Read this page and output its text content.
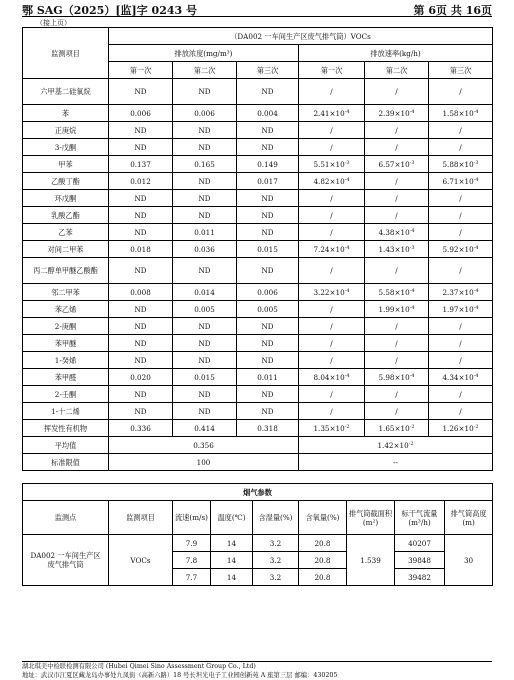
鄂 SAG（2025）[监]字 0243 号	第 6页 共 16页
（接上页）
监测项目	（DA002 一车间生产区废气排气筒）VOCs					
	排放浓度(mg/m³)			排放速率(kg/h)		
	第一次	第二次	第三次	第一次	第二次	第三次
六甲基二硅氧烷	ND	ND	ND	/	/	/
苯	0.006	0.006	0.004	$2.41\times 10^{-4}$	$2.39\times 10^{-4}$	$1.58\times 10^{-4}$
正庚烷	ND	ND	ND	/	/	/
3-戊酮	ND	ND	ND	/	/	/
甲苯	0.137	0.165	0.149	$5.51\times 10^{-3}$	$6.57\times 10^{-3}$	$5.88\times 10^{-3}$
乙酸丁酯	0.012	ND	0.017	$4.82\times 10^{-4}$	/	$6.71\times 10^{-4}$
环戊酮	ND	ND	ND	/	/	/
乳酸乙酯	ND	ND	ND	/	/	/
乙苯	ND	0.011	ND	/	$4.38\times 10^{-4}$	/
对间二甲苯	0.018	0.036	0.015	$7.24\times 10^{-4}$	$1.43\times 10^{-3}$	$5.92\times 10^{-4}$
丙二醇单甲醚乙酸酯	ND	ND	ND	/	/	/
邻二甲苯	0.008	0.014	0.006	$3.22\times 10^{-4}$	$5.58\times 10^{-4}$	$2.37\times 10^{-4}$
苯乙烯	ND	0.005	0.005	/	$1.99\times 10^{-4}$	$1.97\times 10^{-4}$
2-庚酮	ND	ND	ND	/	/	/
苯甲醚	ND	ND	ND	/	/	/
1-癸烯	ND	ND	ND	/	/	/
苯甲醛	0.020	0.015	0.011	$8.04\times 10^{-4}$	$5.98\times 10^{-4}$	$4.34\times 10^{-4}$
2-壬酮	ND	ND	ND	/	/	/
1-十二烯	ND	ND	ND	/	/	/
挥发性有机物	0.336	0.414	0.318	$1.35\times 10^{-2}$	$1.65\times 10^{-2}$	$1.26\times 10^{-2}$
平均值	0.356			$1.42\times 10^{-2}$
标准限值	100			--		
烟气参数								
监测点	监测项目	流速(m/s)	温度(℃)	含湿量(%)	含氧量(%)	排气筒截面积(m²)	标干气流量(m³/h)	排气筒高度(m)
DA002 一车间生产区废气排气筒	VOCs	7.9	14	3.2	20.8	1.539	40207	30
		7.8	14	3.2	20.8		39848	
		7.7	14	3.2	20.8		39482	
湖北琪美中检联检测有限公司 (Hubei Qimei Sino Assessment Group Co., Ltd)
地址：武汉市江夏区藏龙岛办事处九凤街（高新六路）18 号长坦光电子工业园创新苑 A 座第三层 邮编：430205
